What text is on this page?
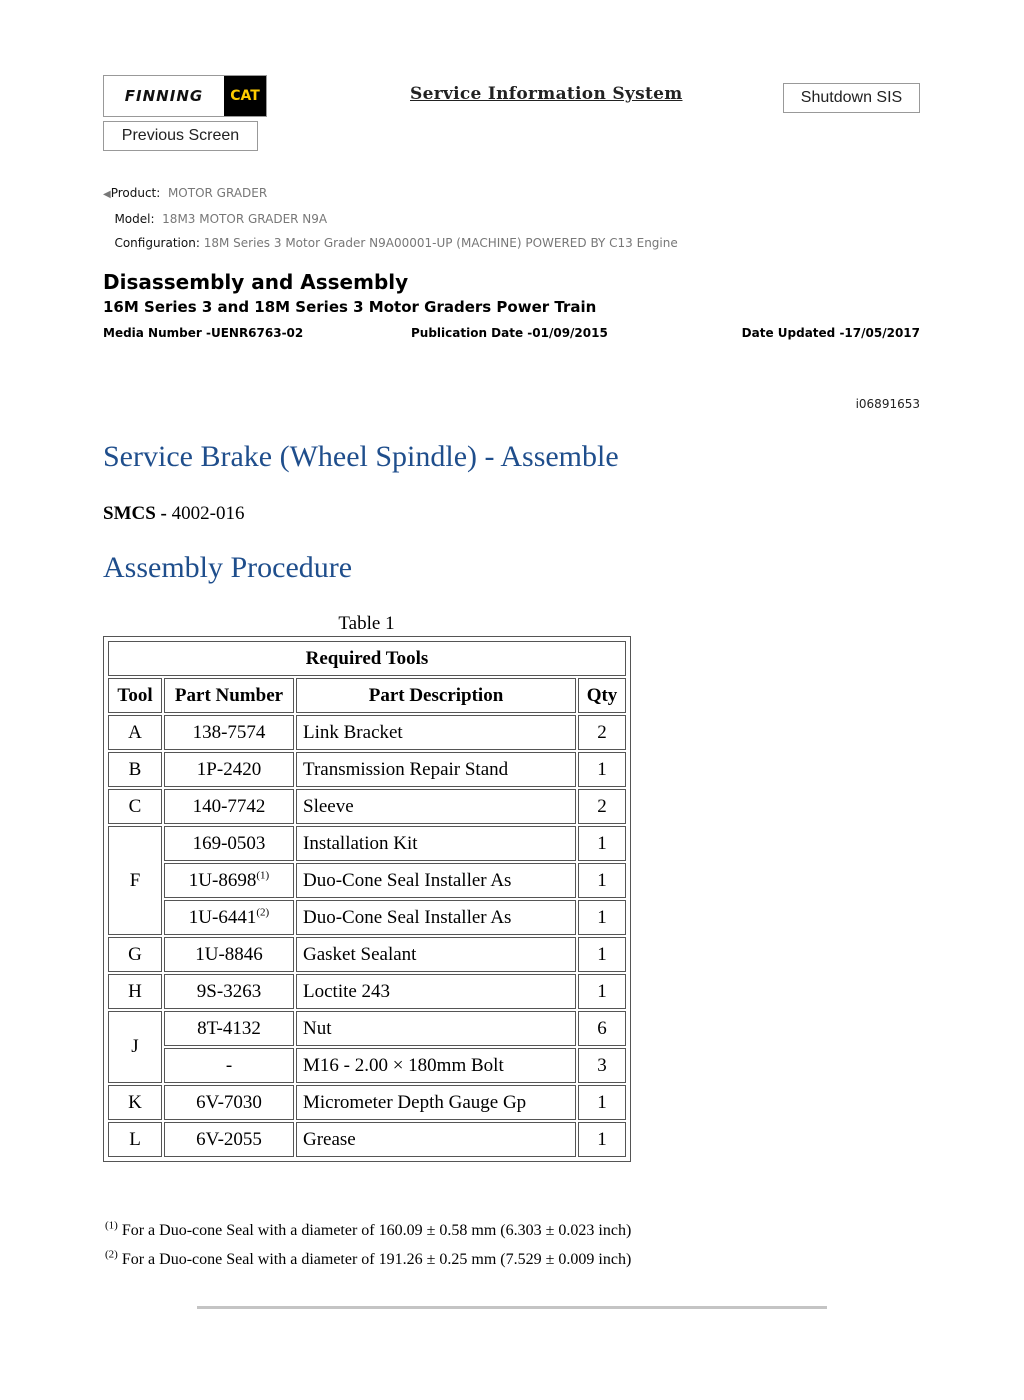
FINNING	CAT	Service Information System	Shutdown SIS
Previous Screen
◀Product: MOTOR GRADER
Model: 18M3 MOTOR GRADER N9A
Configuration: 18M Series 3 Motor Grader N9A00001-UP (MACHINE) POWERED BY C13 Engine
Disassembly and Assembly
16M Series 3 and 18M Series 3 Motor Graders Power Train
Media Number -UENR6763-02	Publication Date -01/09/2015	Date Updated -17/05/2017
i06891653
Service Brake (Wheel Spindle) - Assemble
SMCS - 4002-016
Assembly Procedure
Table 1
Required Tools			
Tool	Part Number	Part Description	Qty
A	138-7574	Link Bracket	2
B	1P-2420	Transmission Repair Stand	1
C	140-7742	Sleeve	2
F	169-0503	Installation Kit	1
	1U-8698$^{(1)}$	Duo-Cone Seal Installer As	1
	1U-6441$^{(2)}$	Duo-Cone Seal Installer As	1
G	1U-8846	Gasket Sealant	1
H	9S-3263	Loctite 243	1
J	8T-4132	Nut	6
	-	M16 - 2.00 × 180mm Bolt	3
K	6V-7030	Micrometer Depth Gauge Gp	1
L	6V-2055	Grease	1
$^{(1)}$ For a Duo-cone Seal with a diameter of 160.09 ± 0.58 mm (6.303 ± 0.023 inch)
$^{(2)}$ For a Duo-cone Seal with a diameter of 191.26 ± 0.25 mm (7.529 ± 0.009 inch)
